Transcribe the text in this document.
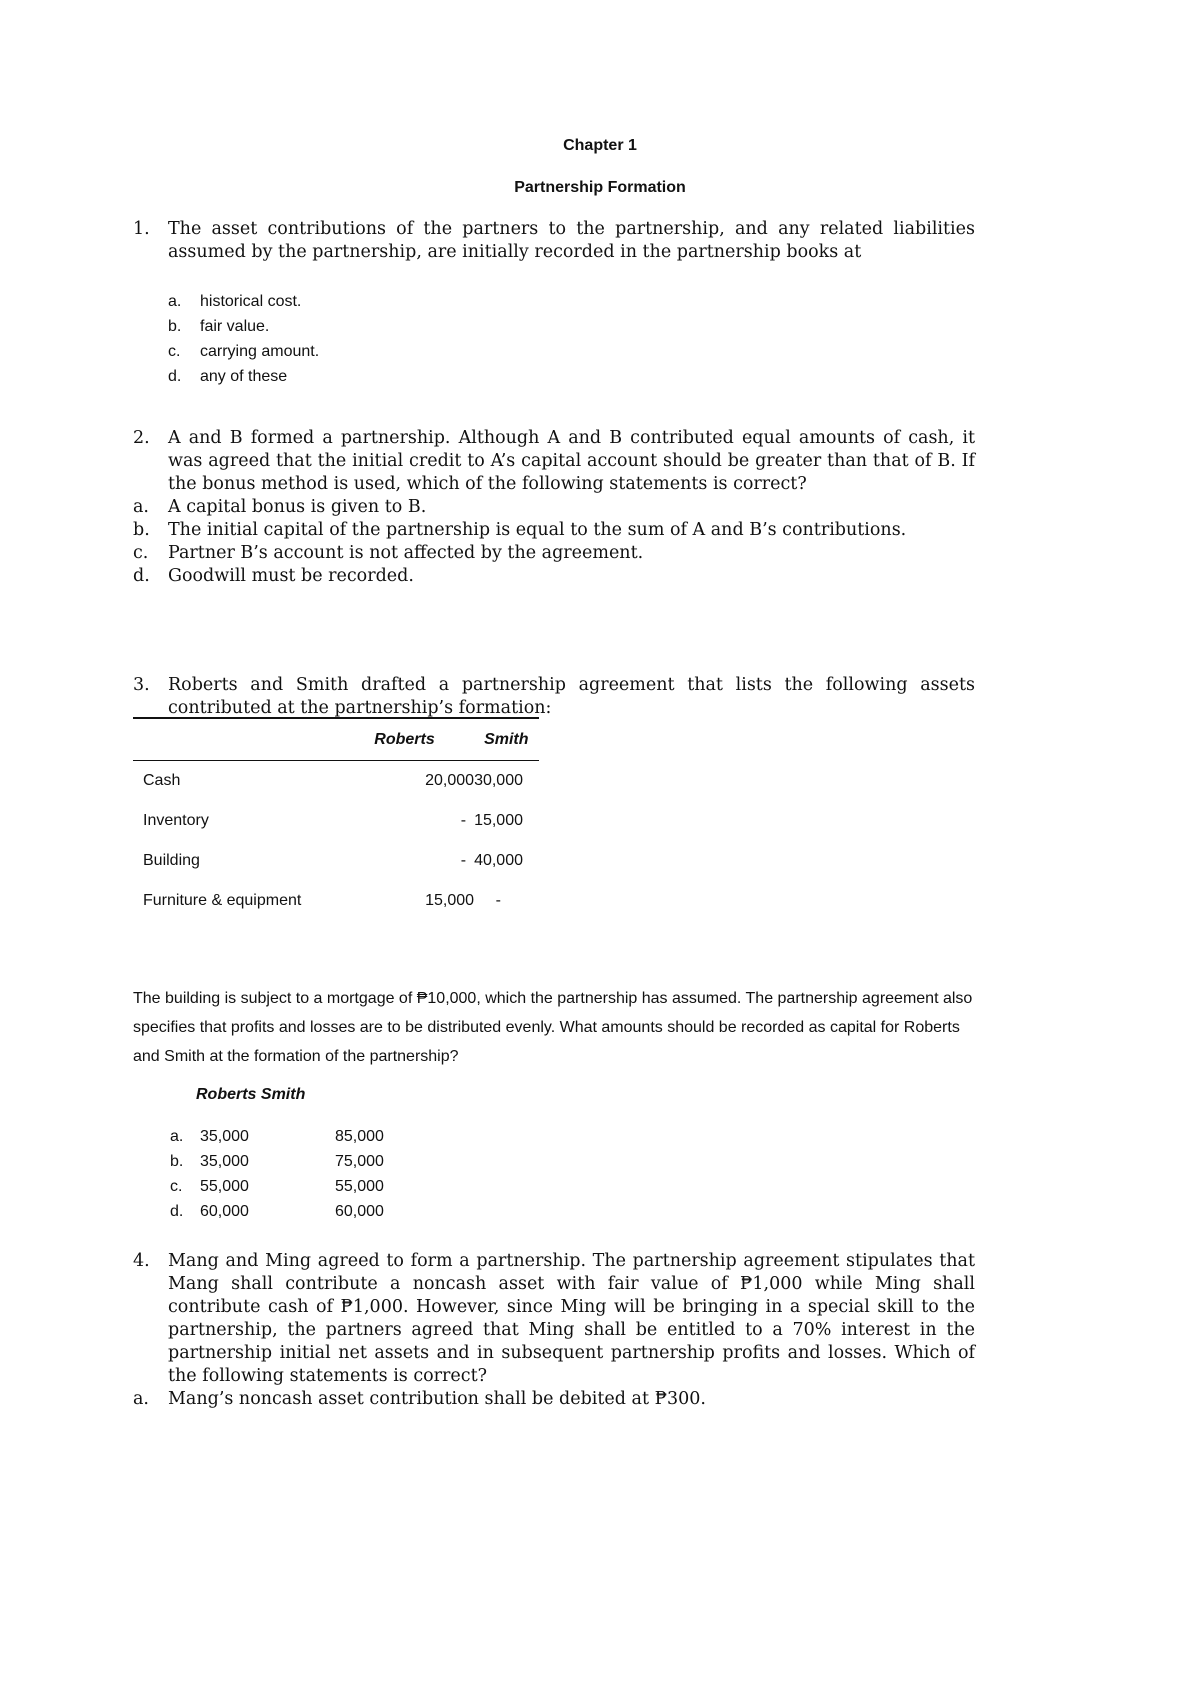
Chapter 1
Partnership Formation
1. The asset contributions of the partners to the partnership, and any related liabilities assumed by the partnership, are initially recorded in the partnership books at
a. historical cost.
b. fair value.
c. carrying amount.
d. any of these
2. A and B formed a partnership. Although A and B contributed equal amounts of cash, it was agreed that the initial credit to A’s capital account should be greater than that of B. If the bonus method is used, which of the following statements is correct?
a.	A capital bonus is given to B.
b.	The initial capital of the partnership is equal to the sum of A and B’s contributions.
c.	Partner B’s account is not affected by the agreement.
d.	Goodwill must be recorded.
3. Roberts and Smith drafted a partnership agreement that lists the following assets contributed at the partnership’s formation:
	Roberts	Smith
Cash	20,000	30,000
Inventory	-	15,000
Building	-	40,000
Furniture & equipment	15,000	-
The building is subject to a mortgage of ₱10,000, which the partnership has assumed. The partnership agreement also specifies that profits and losses are to be distributed evenly. What amounts should be recorded as capital for Roberts and Smith at the formation of the partnership?
Roberts Smith
a. 35,000	85,000
b. 35,000	75,000
c. 55,000	55,000
d. 60,000	60,000
4. Mang and Ming agreed to form a partnership. The partnership agreement stipulates that Mang shall contribute a noncash asset with fair value of ₱1,000 while Ming shall contribute cash of ₱1,000. However, since Ming will be bringing in a special skill to the partnership, the partners agreed that Ming shall be entitled to a 70% interest in the partnership initial net assets and in subsequent partnership profits and losses. Which of the following statements is correct?
a.	Mang’s noncash asset contribution shall be debited at ₱300.
